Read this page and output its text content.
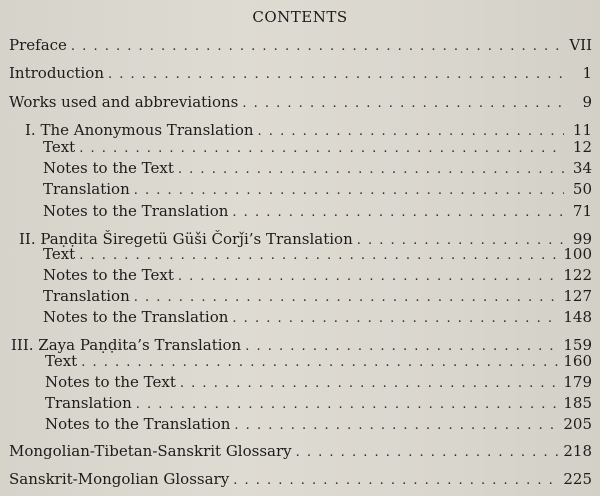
CONTENTS
Preface . . .	VII
Introduction . . .	1
Works used and abbreviations . . .	9
I. The Anonymous Translation . . .	11
Text . . .	12
Notes to the Text . . .	34
Translation . . .	50
Notes to the Translation . . .	71
II. Paṇḍita Širegetü Güši Čorǰi’s Translation . . .	99
Text . . .	100
Notes to the Text . . .	122
Translation . . .	127
Notes to the Translation . . .	148
III. Zaya Paṇḍita’s Translation . . .	159
Text . . .	160
Notes to the Text . . .	179
Translation . . .	185
Notes to the Translation . . .	205
Mongolian-Tibetan-Sanskrit Glossary . . .	218
Sanskrit-Mongolian Glossary . . .	225
